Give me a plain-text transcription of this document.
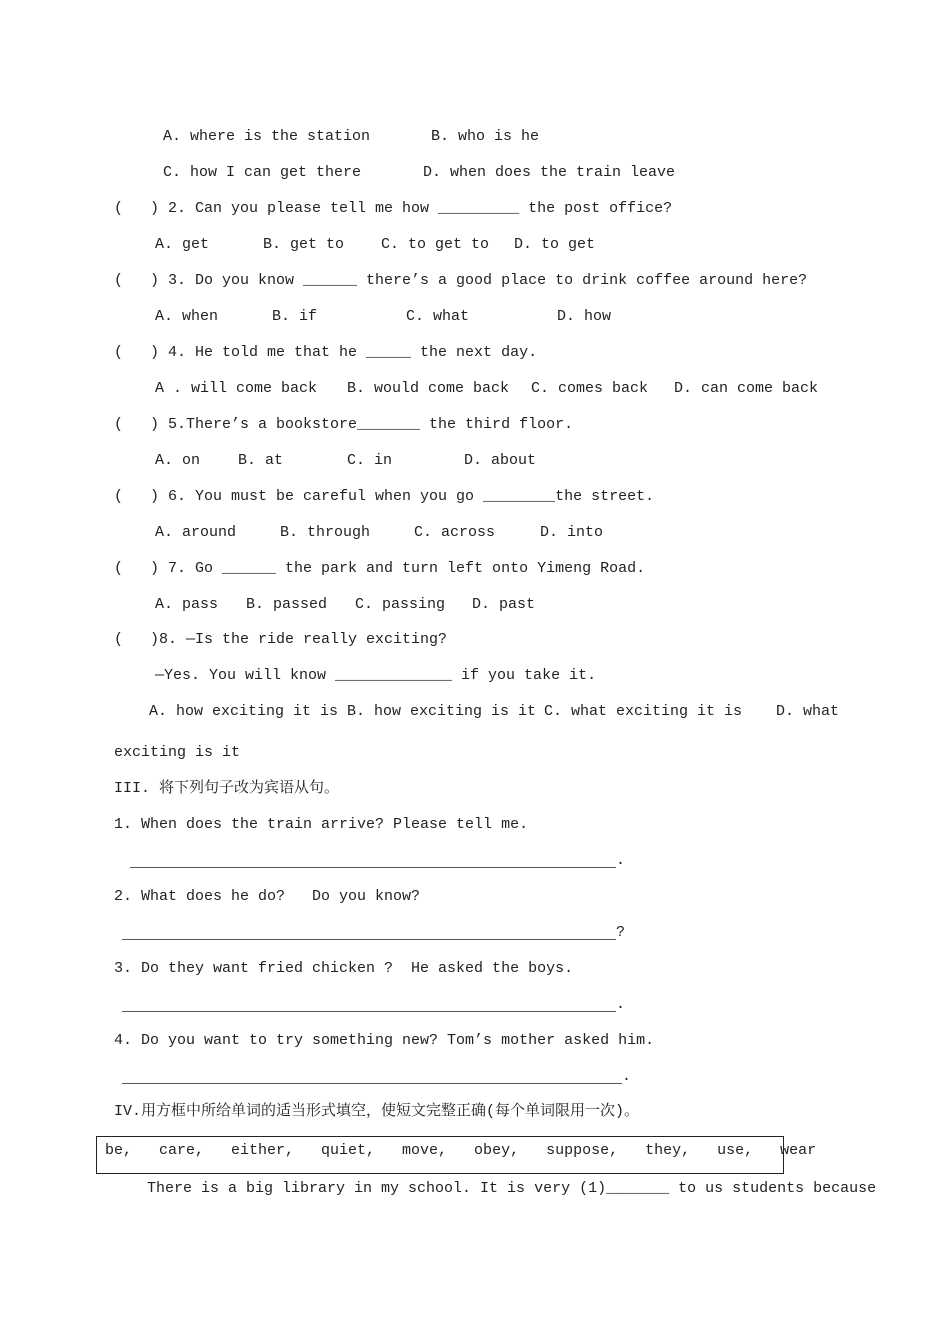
A. where is the station	B. who is he
C. how I can get there	D. when does the train leave
(   ) 2. Can you please tell me how _________ the post office?
A. get	B. get to C. to get to D. to get
(   ) 3. Do you know ______ there’s a good place to drink coffee around here?
A. when	B. if	C. what	D. how
(   ) 4. He told me that he _____ the next day.
A . will come back B. would come back C. comes back D. can come back
(   ) 5.There’s a bookstore_______ the third floor.
A. on	B. at	C. in	D. about
(   ) 6. You must be careful when you go ________the street.
A. around	B. through	C. across	D. into
(   ) 7. Go ______ the park and turn left onto Yimeng Road.
A. pass B. passed C. passing D. past
(   )8. —Is the ride really exciting?
—Yes. You will know _____________ if you take it.
A. how exciting it is B. how exciting is it C. what exciting it is D. what
exciting is it
III. 将下列句子改为宾语从句。
1. When does the train arrive? Please tell me.
.
2. What does he do?   Do you know?
?
3. Do they want fried chicken ?  He asked the boys.
.
4. Do you want to try something new? Tom’s mother asked him.
.
IV.用方框中所给单词的适当形式填空，使短文完整正确(每个单词限用一次)。
be,   care,   either,   quiet,   move,   obey,   suppose,   they,   use,   wear
There is a big library in my school. It is very (1)_______ to us students because
